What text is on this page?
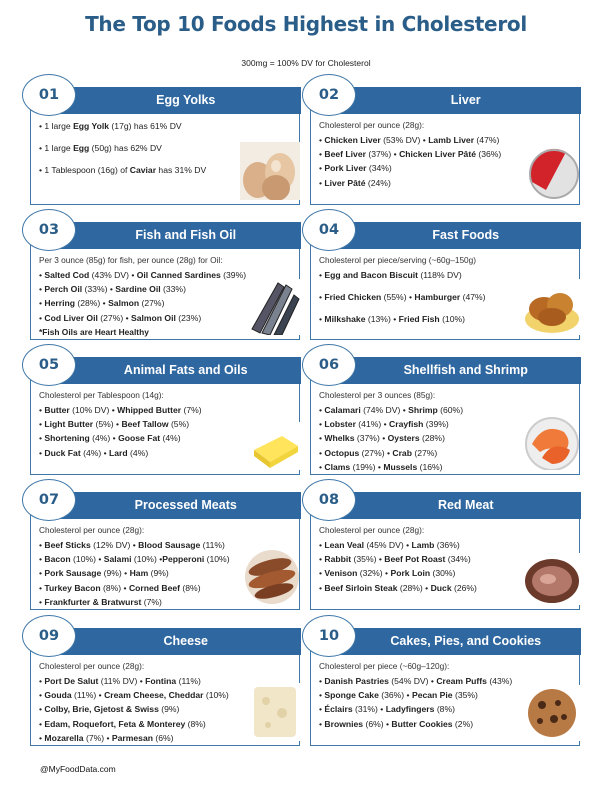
The Top 10 Foods Highest in Cholesterol
300mg = 100% DV for Cholesterol
Egg Yolks
01
• 1 large Egg Yolk (17g) has 61% DV
• 1 large Egg (50g) has 62% DV
• 1 Tablespoon (16g) of Caviar has 31% DV
Liver
02
Cholesterol per ounce (28g):
• Chicken Liver (53% DV) • Lamb Liver (47%)
• Beef Liver (37%) • Chicken Liver Pâté (36%)
• Pork Liver (34%)
• Liver Pâté (24%)
Fish and Fish Oil
03
Per 3 ounce (85g) for fish, per ounce (28g) for Oil:
• Salted Cod (43% DV) • Oil Canned Sardines (39%)
• Perch Oil (33%) • Sardine Oil (33%)
• Herring (28%) • Salmon (27%)
• Cod Liver Oil (27%) • Salmon Oil (23%)
*Fish Oils are Heart Healthy
Fast Foods
04
Cholesterol per piece/serving (~60g–150g)
• Egg and Bacon Biscuit (118% DV)
• Fried Chicken (55%) • Hamburger (47%)
• Milkshake (13%) • Fried Fish (10%)
Animal Fats and Oils
05
Cholesterol per Tablespoon (14g):
• Butter (10% DV) • Whipped Butter (7%)
• Light Butter (5%) • Beef Tallow (5%)
• Shortening (4%) • Goose Fat (4%)
• Duck Fat (4%) • Lard (4%)
Shellfish and Shrimp
06
Cholesterol per 3 ounces (85g):
• Calamari (74% DV) • Shrimp (60%)
• Lobster (41%) • Crayfish (39%)
• Whelks (37%) • Oysters (28%)
• Octopus (27%) • Crab (27%)
• Clams (19%) • Mussels (16%)
Processed Meats
07
Cholesterol per ounce (28g):
• Beef Sticks (12% DV) • Blood Sausage (11%)
• Bacon (10%) • Salami (10%) •Pepperoni (10%)
• Pork Sausage (9%) • Ham (9%)
• Turkey Bacon (8%) • Corned Beef (8%)
• Frankfurter & Bratwurst (7%)
Red Meat
08
Cholesterol per ounce (28g):
• Lean Veal (45% DV) • Lamb (36%)
• Rabbit (35%) • Beef Pot Roast (34%)
• Venison (32%) • Pork Loin (30%)
• Beef Sirloin Steak (28%) • Duck (26%)
Cheese
09
Cholesterol per ounce (28g):
• Port De Salut (11% DV) • Fontina (11%)
• Gouda (11%) • Cream Cheese, Cheddar (10%)
• Colby, Brie, Gjetost & Swiss (9%)
• Edam, Roquefort, Feta & Monterey (8%)
• Mozarella (7%) • Parmesan (6%)
Cakes, Pies, and Cookies
10
Cholesterol per piece (~60g–120g):
• Danish Pastries (54% DV) • Cream Puffs (43%)
• Sponge Cake (36%) • Pecan Pie (35%)
• Éclairs (31%) • Ladyfingers (8%)
• Brownies (6%) • Butter Cookies (2%)
@MyFoodData.com
